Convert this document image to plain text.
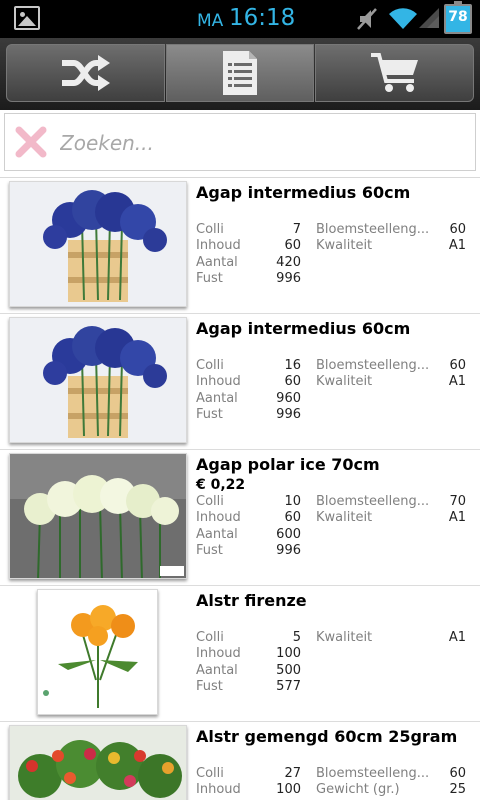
MA 16:18	78
Zoeken...
Agap intermedius 60cm
Colli	7
Inhoud	60
Aantal	420
Fust	996
Bloemsteelleng...	60
Kwaliteit	A1
Agap intermedius 60cm
Colli	16
Inhoud	60
Aantal	960
Fust	996
Bloemsteelleng...	60
Kwaliteit	A1
Agap polar ice 70cm
€ 0,22
Colli	10
Inhoud	60
Aantal	600
Fust	996
Bloemsteelleng...	70
Kwaliteit	A1
Alstr firenze
Colli	5
Inhoud	100
Aantal	500
Fust	577
Kwaliteit	A1
Alstr gemengd 60cm 25gram
Colli	27
Inhoud	100
Bloemsteelleng...	60
Gewicht (gr.)	25
